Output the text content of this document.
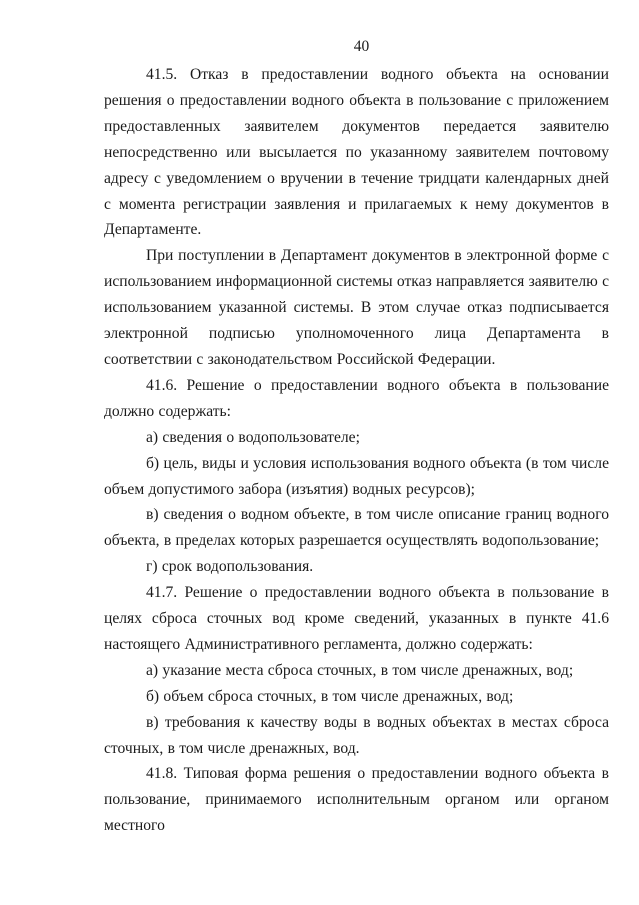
40

41.5. Отказ в предоставлении водного объекта на основании решения о предоставлении водного объекта в пользование с приложением предоставленных заявителем документов передается заявителю непосредственно или высылается по указанному заявителем почтовому адресу с уведомлением о вручении в течение тридцати календарных дней с момента регистрации заявления и прилагаемых к нему документов в Департаменте.

При поступлении в Департамент документов в электронной форме с использованием информационной системы отказ направляется заявителю с использованием указанной системы. В этом случае отказ подписывается электронной подписью уполномоченного лица Департамента в соответствии с законодательством Российской Федерации.

41.6. Решение о предоставлении водного объекта в пользование должно содержать:

а) сведения о водопользователе;

б) цель, виды и условия использования водного объекта (в том числе объем допустимого забора (изъятия) водных ресурсов);

в) сведения о водном объекте, в том числе описание границ водного объекта, в пределах которых разрешается осуществлять водопользование;

г) срок водопользования.

41.7. Решение о предоставлении водного объекта в пользование в целях сброса сточных вод кроме сведений, указанных в пункте 41.6 настоящего Административного регламента, должно содержать:

а) указание места сброса сточных, в том числе дренажных, вод;

б) объем сброса сточных, в том числе дренажных, вод;

в) требования к качеству воды в водных объектах в местах сброса сточных, в том числе дренажных, вод.

41.8. Типовая форма решения о предоставлении водного объекта в пользование, принимаемого исполнительным органом или органом местного
